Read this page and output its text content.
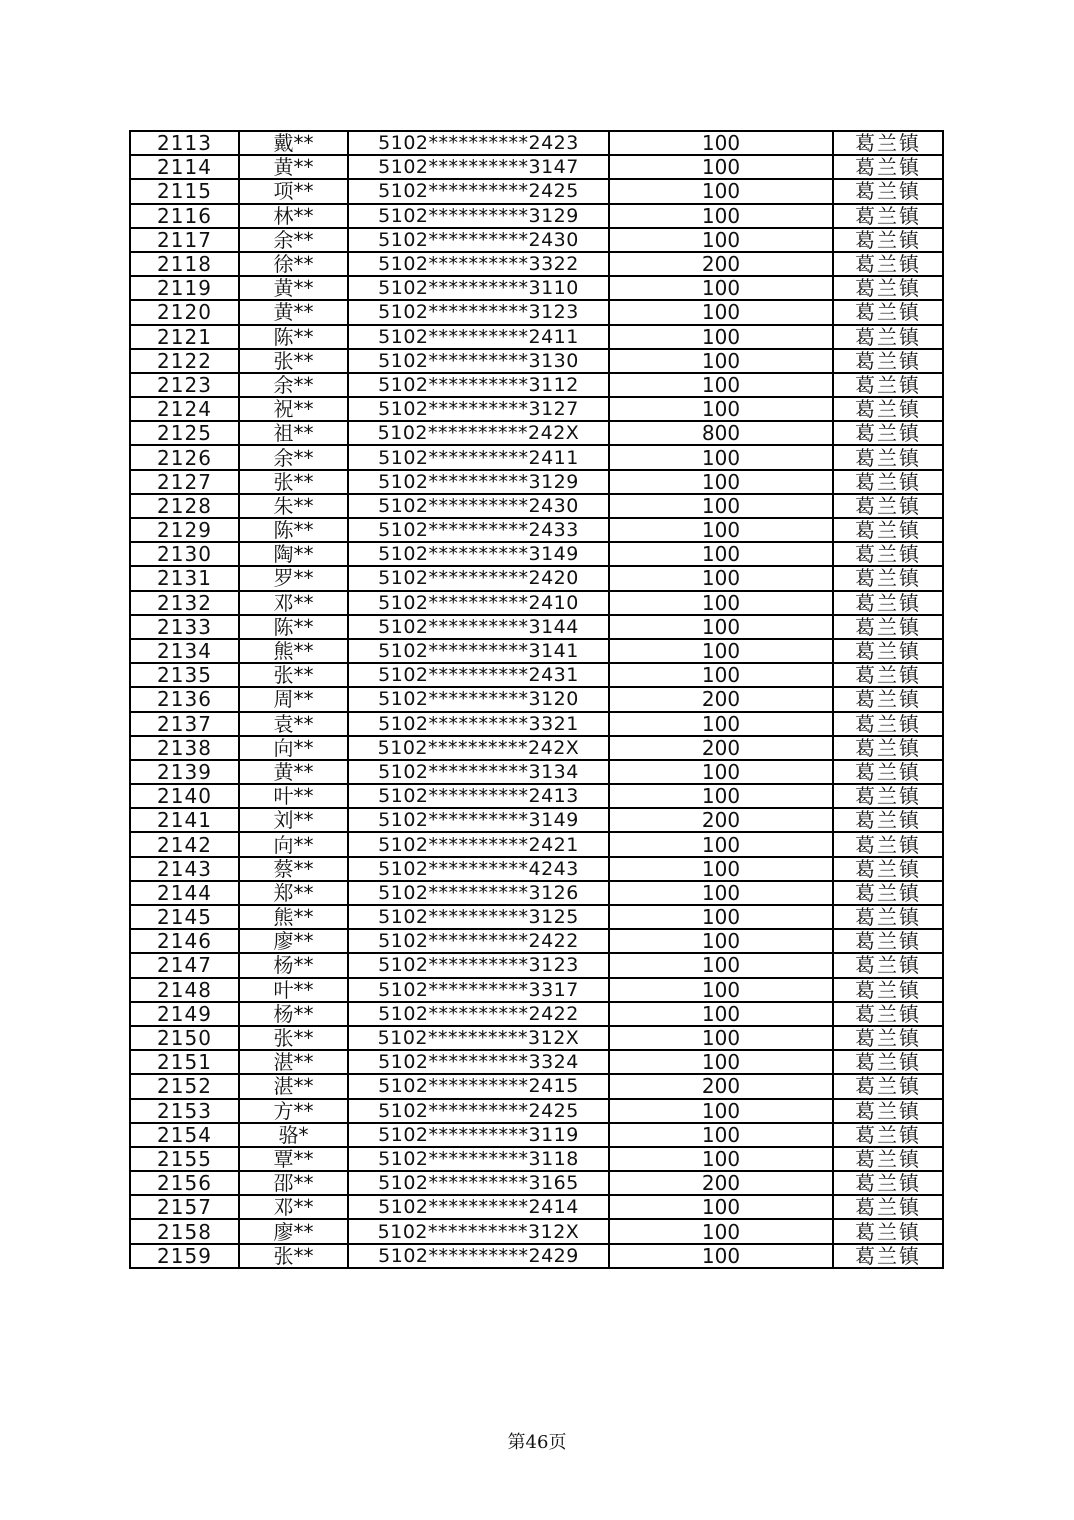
2113	戴**	5102**********2423	100	葛兰镇
2114	黄**	5102**********3147	100	葛兰镇
2115	项**	5102**********2425	100	葛兰镇
2116	林**	5102**********3129	100	葛兰镇
2117	余**	5102**********2430	100	葛兰镇
2118	徐**	5102**********3322	200	葛兰镇
2119	黄**	5102**********3110	100	葛兰镇
2120	黄**	5102**********3123	100	葛兰镇
2121	陈**	5102**********2411	100	葛兰镇
2122	张**	5102**********3130	100	葛兰镇
2123	余**	5102**********3112	100	葛兰镇
2124	祝**	5102**********3127	100	葛兰镇
2125	祖**	5102**********242X	800	葛兰镇
2126	余**	5102**********2411	100	葛兰镇
2127	张**	5102**********3129	100	葛兰镇
2128	朱**	5102**********2430	100	葛兰镇
2129	陈**	5102**********2433	100	葛兰镇
2130	陶**	5102**********3149	100	葛兰镇
2131	罗**	5102**********2420	100	葛兰镇
2132	邓**	5102**********2410	100	葛兰镇
2133	陈**	5102**********3144	100	葛兰镇
2134	熊**	5102**********3141	100	葛兰镇
2135	张**	5102**********2431	100	葛兰镇
2136	周**	5102**********3120	200	葛兰镇
2137	袁**	5102**********3321	100	葛兰镇
2138	向**	5102**********242X	200	葛兰镇
2139	黄**	5102**********3134	100	葛兰镇
2140	叶**	5102**********2413	100	葛兰镇
2141	刘**	5102**********3149	200	葛兰镇
2142	向**	5102**********2421	100	葛兰镇
2143	蔡**	5102**********4243	100	葛兰镇
2144	郑**	5102**********3126	100	葛兰镇
2145	熊**	5102**********3125	100	葛兰镇
2146	廖**	5102**********2422	100	葛兰镇
2147	杨**	5102**********3123	100	葛兰镇
2148	叶**	5102**********3317	100	葛兰镇
2149	杨**	5102**********2422	100	葛兰镇
2150	张**	5102**********312X	100	葛兰镇
2151	湛**	5102**********3324	100	葛兰镇
2152	湛**	5102**********2415	200	葛兰镇
2153	方**	5102**********2425	100	葛兰镇
2154	骆*	5102**********3119	100	葛兰镇
2155	覃**	5102**********3118	100	葛兰镇
2156	邵**	5102**********3165	200	葛兰镇
2157	邓**	5102**********2414	100	葛兰镇
2158	廖**	5102**********312X	100	葛兰镇
2159	张**	5102**********2429	100	葛兰镇
第46页
